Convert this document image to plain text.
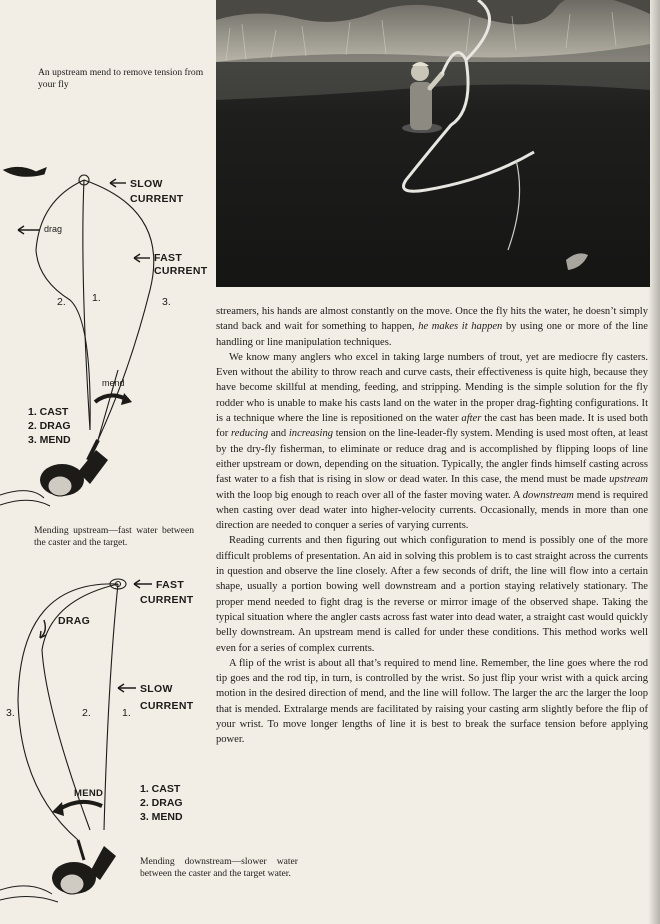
An upstream mend to remove tension from your fly
SLOW
CURRENT
FAST
CURRENT
drag
mend
2. 1.	3.
1. CAST
2. DRAG
3. MEND
Mending upstream—fast water between the caster and the target.
FAST
CURRENT
SLOW
CURRENT
DRAG
MEND
3.	2.	1.
1. CAST
2. DRAG
3. MEND
Mending downstream—slower water between the caster and the target water.

streamers, his hands are almost constantly on the move. Once the fly hits the water, he doesn’t simply stand back and wait for something to happen, he makes it happen by using one or more of the line handling or line manipulation techniques.

We know many anglers who excel in taking large numbers of trout, yet are mediocre fly casters. Even without the ability to throw reach and curve casts, their effectiveness is quite high, because they have become skillful at mending, feeding, and stripping. Mending is the simple solution for the fly rodder who is unable to make his casts land on the water in the proper drag-fighting configurations. It is a technique where the line is repositioned on the water after the cast has been made. It is used both for reducing and increasing tension on the line-leader-fly system. Mending is used most often, at least by the dry-fly fisherman, to eliminate or reduce drag and is accomplished by flipping loops of line either upstream or down, depending on the situation. Typically, the angler finds himself casting across fast water to a fish that is rising in slow or dead water. In this case, the mend must be made upstream with the loop big enough to reach over all of the faster moving water. A downstream mend is required when casting over dead water into higher-velocity currents. Occasionally, mends in more than one direction are needed to conquer a series of varying currents.

Reading currents and then figuring out which configuration to mend is possibly one of the more difficult problems of presentation. An aid in solving this problem is to cast straight across the currents in question and observe the line closely. After a few seconds of drift, the line will flow into a certain shape, usually a portion bowing well downstream and a portion staying relatively stationary. The proper mend needed to fight drag is the reverse or mirror image of the observed shape. Taking the typical situation where the angler casts across fast water into dead water, a straight cast would quickly belly downstream. An upstream mend is called for under these conditions. This method works well even for a series of complex currents.

A flip of the wrist is about all that’s required to mend line. Remember, the line goes where the rod tip goes and the rod tip, in turn, is controlled by the wrist. So just flip your wrist with a quick arcing motion in the desired direction of mend, and the line will follow. The larger the arc the larger the loop that is mended. Extralarge mends are facilitated by raising your casting arm slightly before the flip of your wrist. To move longer lengths of line it is best to break the surface tension before applying power.
